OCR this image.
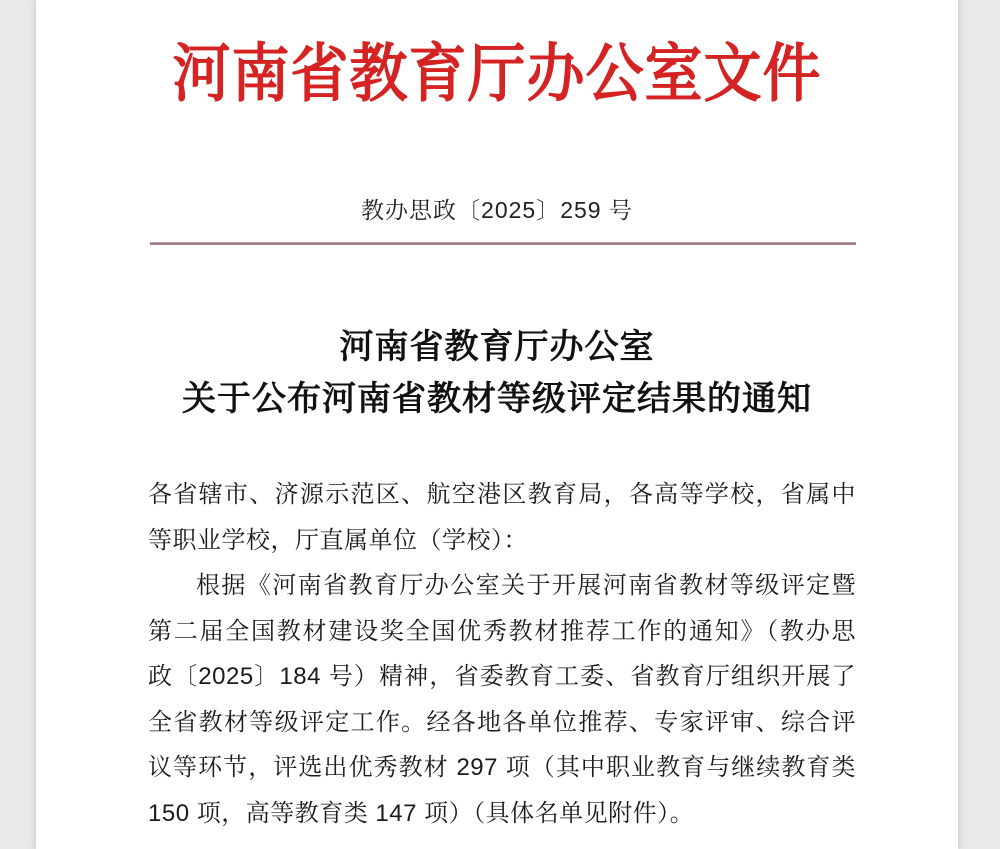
河南省教育厅办公室文件
教办思政〔2025〕259 号
河南省教育厅办公室
关于公布河南省教材等级评定结果的通知
各省辖市、济源示范区、航空港区教育局，各高等学校，省属中
等职业学校，厅直属单位（学校）：
根据《河南省教育厅办公室关于开展河南省教材等级评定暨
第二届全国教材建设奖全国优秀教材推荐工作的通知》（教办思
政〔2025〕184 号）精神，省委教育工委、省教育厅组织开展了
全省教材等级评定工作。经各地各单位推荐、专家评审、综合评
议等环节，评选出优秀教材 297 项（其中职业教育与继续教育类
150 项，高等教育类 147 项）（具体名单见附件）。
